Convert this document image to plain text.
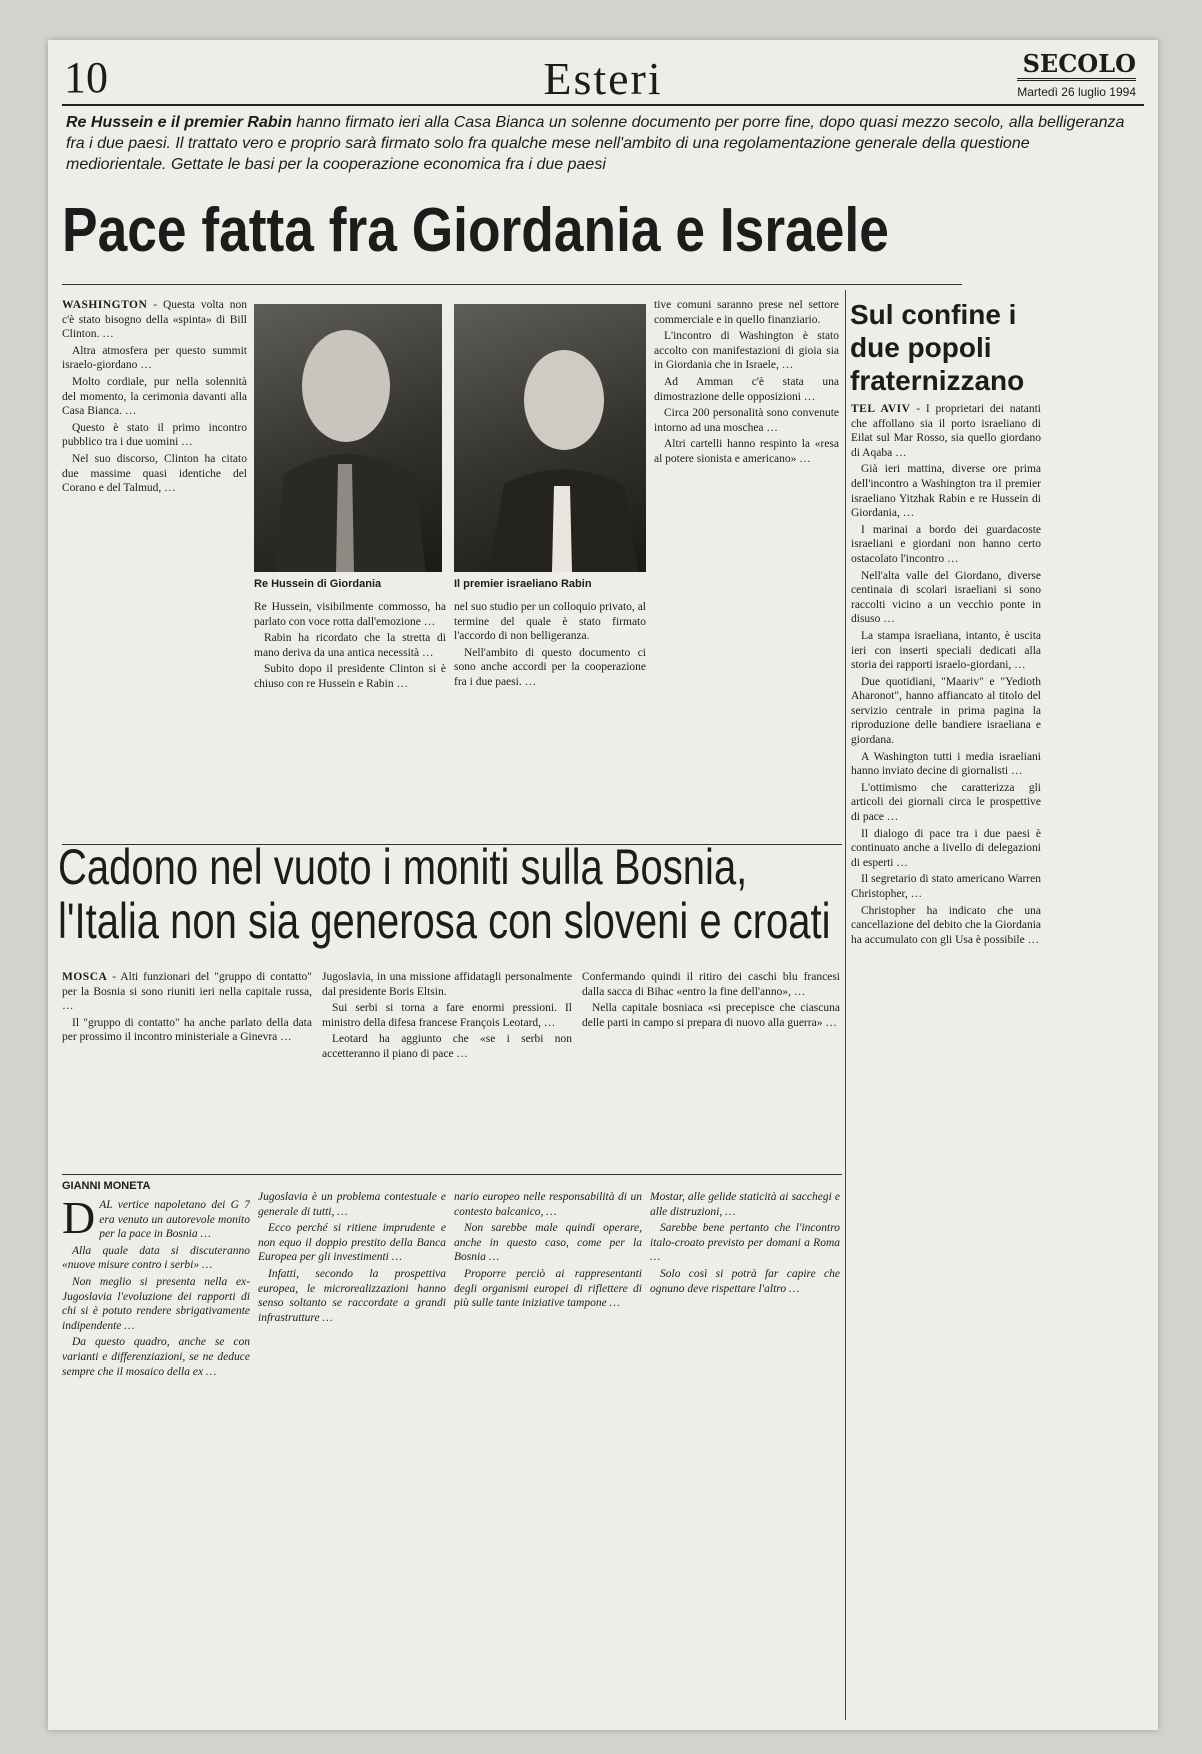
10	Esteri	SECOLO
Martedì 26 luglio 1994
Re Hussein e il premier Rabin hanno firmato ieri alla Casa Bianca un solenne documento per porre fine, dopo quasi mezzo secolo, alla belligeranza fra i due paesi. Il trattato vero e proprio sarà firmato solo fra qualche mese nell'ambito di una regolamentazione generale della questione mediorientale. Gettate le basi per la cooperazione economica fra i due paesi
Pace fatta fra Giordania e Israele

WASHINGTON - Questa volta non c'è stato bisogno della «spinta» di Bill Clinton. …

Altra atmosfera per questo summit israelo-giordano …

Molto cordiale, pur nella solennità del momento, la cerimonia davanti alla Casa Bianca. …

Questo è stato il primo incontro pubblico tra i due uomini …

Nel suo discorso, Clinton ha citato due massime quasi identiche del Corano e del Talmud, …

Re Hussein di Giordania	Il premier israeliano Rabin

Re Hussein, visibilmente commosso, ha parlato con voce rotta dall'emozione …

Rabin ha ricordato che la stretta di mano deriva da una antica necessità …

Subito dopo il presidente Clinton si è chiuso con re Hussein e Rabin …

nel suo studio per un colloquio privato, al termine del quale è stato firmato l'accordo di non belligeranza.

Nell'ambito di questo documento ci sono anche accordi per la cooperazione fra i due paesi. …

tive comuni saranno prese nel settore commerciale e in quello finanziario.

L'incontro di Washington è stato accolto con manifestazioni di gioia sia in Giordania che in Israele, …

Ad Amman c'è stata una dimostrazione delle opposizioni …

Circa 200 personalità sono convenute intorno ad una moschea …

Altri cartelli hanno respinto la «resa al potere sionista e americano» …

Sul confine i due popoli fraternizzano

TEL AVIV - I proprietari dei natanti che affollano sia il porto israeliano di Eilat sul Mar Rosso, sia quello giordano di Aqaba …

Già ieri mattina, diverse ore prima dell'incontro a Washington tra il premier israeliano Yitzhak Rabin e re Hussein di Giordania, …

I marinai a bordo dei guardacoste israeliani e giordani non hanno certo ostacolato l'incontro …

Nell'alta valle del Giordano, diverse centinaia di scolari israeliani si sono raccolti vicino a un vecchio ponte in disuso …

La stampa israeliana, intanto, è uscita ieri con inserti speciali dedicati alla storia dei rapporti israelo-giordani, …

Due quotidiani, "Maariv" e "Yedioth Aharonot", hanno affiancato al titolo del servizio centrale in prima pagina la riproduzione delle bandiere israeliana e giordana.

A Washington tutti i media israeliani hanno inviato decine di giornalisti …

L'ottimismo che caratterizza gli articoli dei giornali circa le prospettive di pace …

Il dialogo di pace tra i due paesi è continuato anche a livello di delegazioni di esperti …

Il segretario di stato americano Warren Christopher, …

Christopher ha indicato che una cancellazione del debito che la Giordania ha accumulato con gli Usa è possibile …

Cadono nel vuoto i moniti sulla Bosnia,
l'Italia non sia generosa con sloveni e croati

MOSCA - Alti funzionari del "gruppo di contatto" per la Bosnia si sono riuniti ieri nella capitale russa, …

Il "gruppo di contatto" ha anche parlato della data per prossimo il incontro ministeriale a Ginevra …

Jugoslavia, in una missione affidatagli personalmente dal presidente Boris Eltsin.

Sui serbi si torna a fare enormi pressioni. Il ministro della difesa francese François Leotard, …

Leotard ha aggiunto che «se i serbi non accetteranno il piano di pace …

Confermando quindi il ritiro dei caschi blu francesi dalla sacca di Bihac «entro la fine dell'anno», …

Nella capitale bosniaca «si precepisce che ciascuna delle parti in campo si prepara di nuovo alla guerra» …

GIANNI MONETA

DAL vertice napoletano dei G 7 era venuto un autorevole monito per la pace in Bosnia …

Alla quale data si discuteranno «nuove misure contro i serbi» …

Non meglio si presenta nella ex-Jugoslavia l'evoluzione dei rapporti di chi si è potuto rendere sbrigativamente indipendente …

Da questo quadro, anche se con varianti e differenziazioni, se ne deduce sempre che il mosaico della ex …

Jugoslavia è un problema contestuale e generale di tutti, …

Ecco perché si ritiene imprudente e non equo il doppio prestito della Banca Europea per gli investimenti …

Infatti, secondo la prospettiva europea, le microrealizzazioni hanno senso soltanto se raccordate a grandi infrastrutture …

nario europeo nelle responsabilità di un contesto balcanico, …

Non sarebbe male quindi operare, anche in questo caso, come per la Bosnia …

Proporre perciò ai rappresentanti degli organismi europei di riflettere di più sulle tante iniziative tampone …

Mostar, alle gelide staticità ai sacchegi e alle distruzioni, …

Sarebbe bene pertanto che l'incontro italo-croato previsto per domani a Roma …

Solo così si potrà far capire che ognuno deve rispettare l'altro …
